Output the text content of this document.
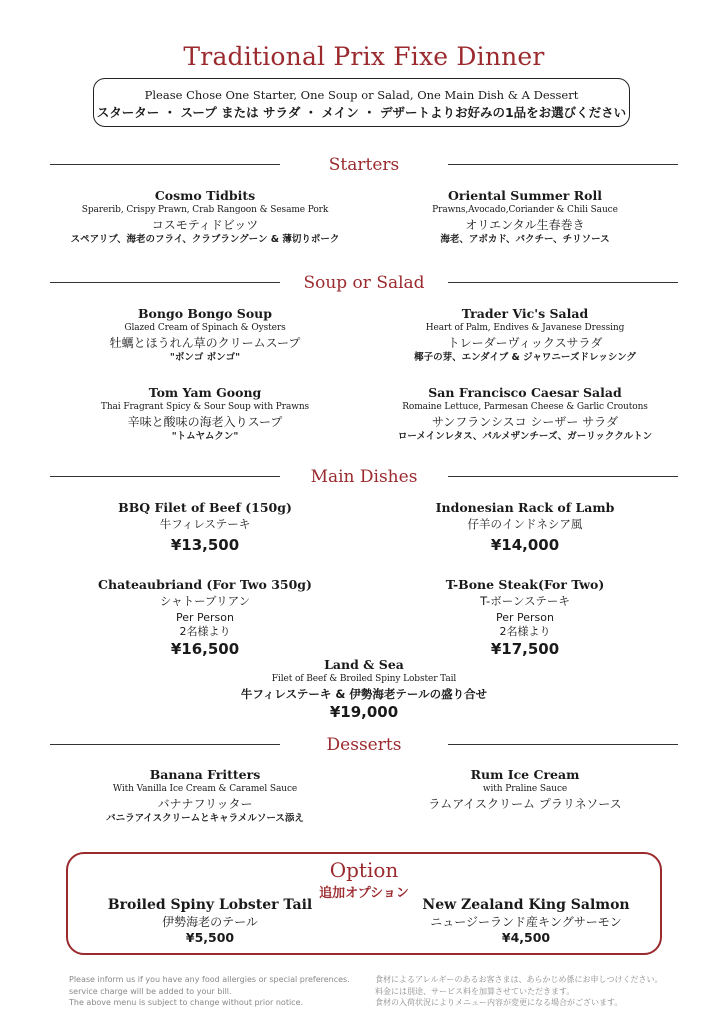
Traditional Prix Fixe Dinner
Please Chose One Starter, One Soup or Salad, One Main Dish & A Dessert
スターター ・ スープ または サラダ ・ メイン ・ デザートよりお好みの1品をお選びください
Starters
Cosmo Tidbits
Sparerib, Crispy Prawn, Crab Rangoon & Sesame Pork
コスモティドビッツ
スペアリブ、海老のフライ、クラブラングーン & 薄切りポーク
Oriental Summer Roll
Prawns,Avocado,Coriander & Chili Sauce
オリエンタル生春巻き
海老、アボカド、パクチー、チリソース
Soup or Salad
Bongo Bongo Soup
Glazed Cream of Spinach & Oysters
牡蠣とほうれん草のクリームスープ
"ボンゴ ボンゴ"
Trader Vic's Salad
Heart of Palm, Endives & Javanese Dressing
トレーダーヴィックスサラダ
椰子の芽、エンダイブ & ジャワニーズドレッシング
Tom Yam Goong
Thai Fragrant Spicy & Sour Soup with Prawns
辛味と酸味の海老入りスープ
"トムヤムクン"
San Francisco Caesar Salad
Romaine Lettuce, Parmesan Cheese & Garlic Croutons
サンフランシスコ シーザー サラダ
ローメインレタス、パルメザンチーズ、ガーリッククルトン
Main Dishes
BBQ Filet of Beef (150g)
牛フィレステーキ
¥13,500
Indonesian Rack of Lamb
仔羊のインドネシア風
¥14,000
Chateaubriand (For Two 350g)
シャトーブリアン
Per Person
2名様より
¥16,500
T-Bone Steak(For Two)
T-ボーンステーキ
Per Person
2名様より
¥17,500
Land & Sea
Filet of Beef & Broiled Spiny Lobster Tail
牛フィレステーキ & 伊勢海老テールの盛り合せ
¥19,000
Desserts
Banana Fritters
With Vanilla Ice Cream & Caramel Sauce
バナナフリッター
バニラアイスクリームとキャラメルソース添え
Rum Ice Cream
with Praline Sauce
ラムアイスクリーム プラリネソース
Option
追加オプション
Broiled Spiny Lobster Tail
伊勢海老のテール
¥5,500
New Zealand King Salmon
ニュージーランド産キングサーモン
¥4,500
Please inform us if you have any food allergies or special preferences.
service charge will be added to your bill.
The above menu is subject to change without prior notice.
食材によるアレルギーのあるお客さまは、あらかじめ係にお申しつけください。
料金には別途、サービス料を加算させていただきます。
食材の入荷状況によりメニュー内容が変更になる場合がございます。
